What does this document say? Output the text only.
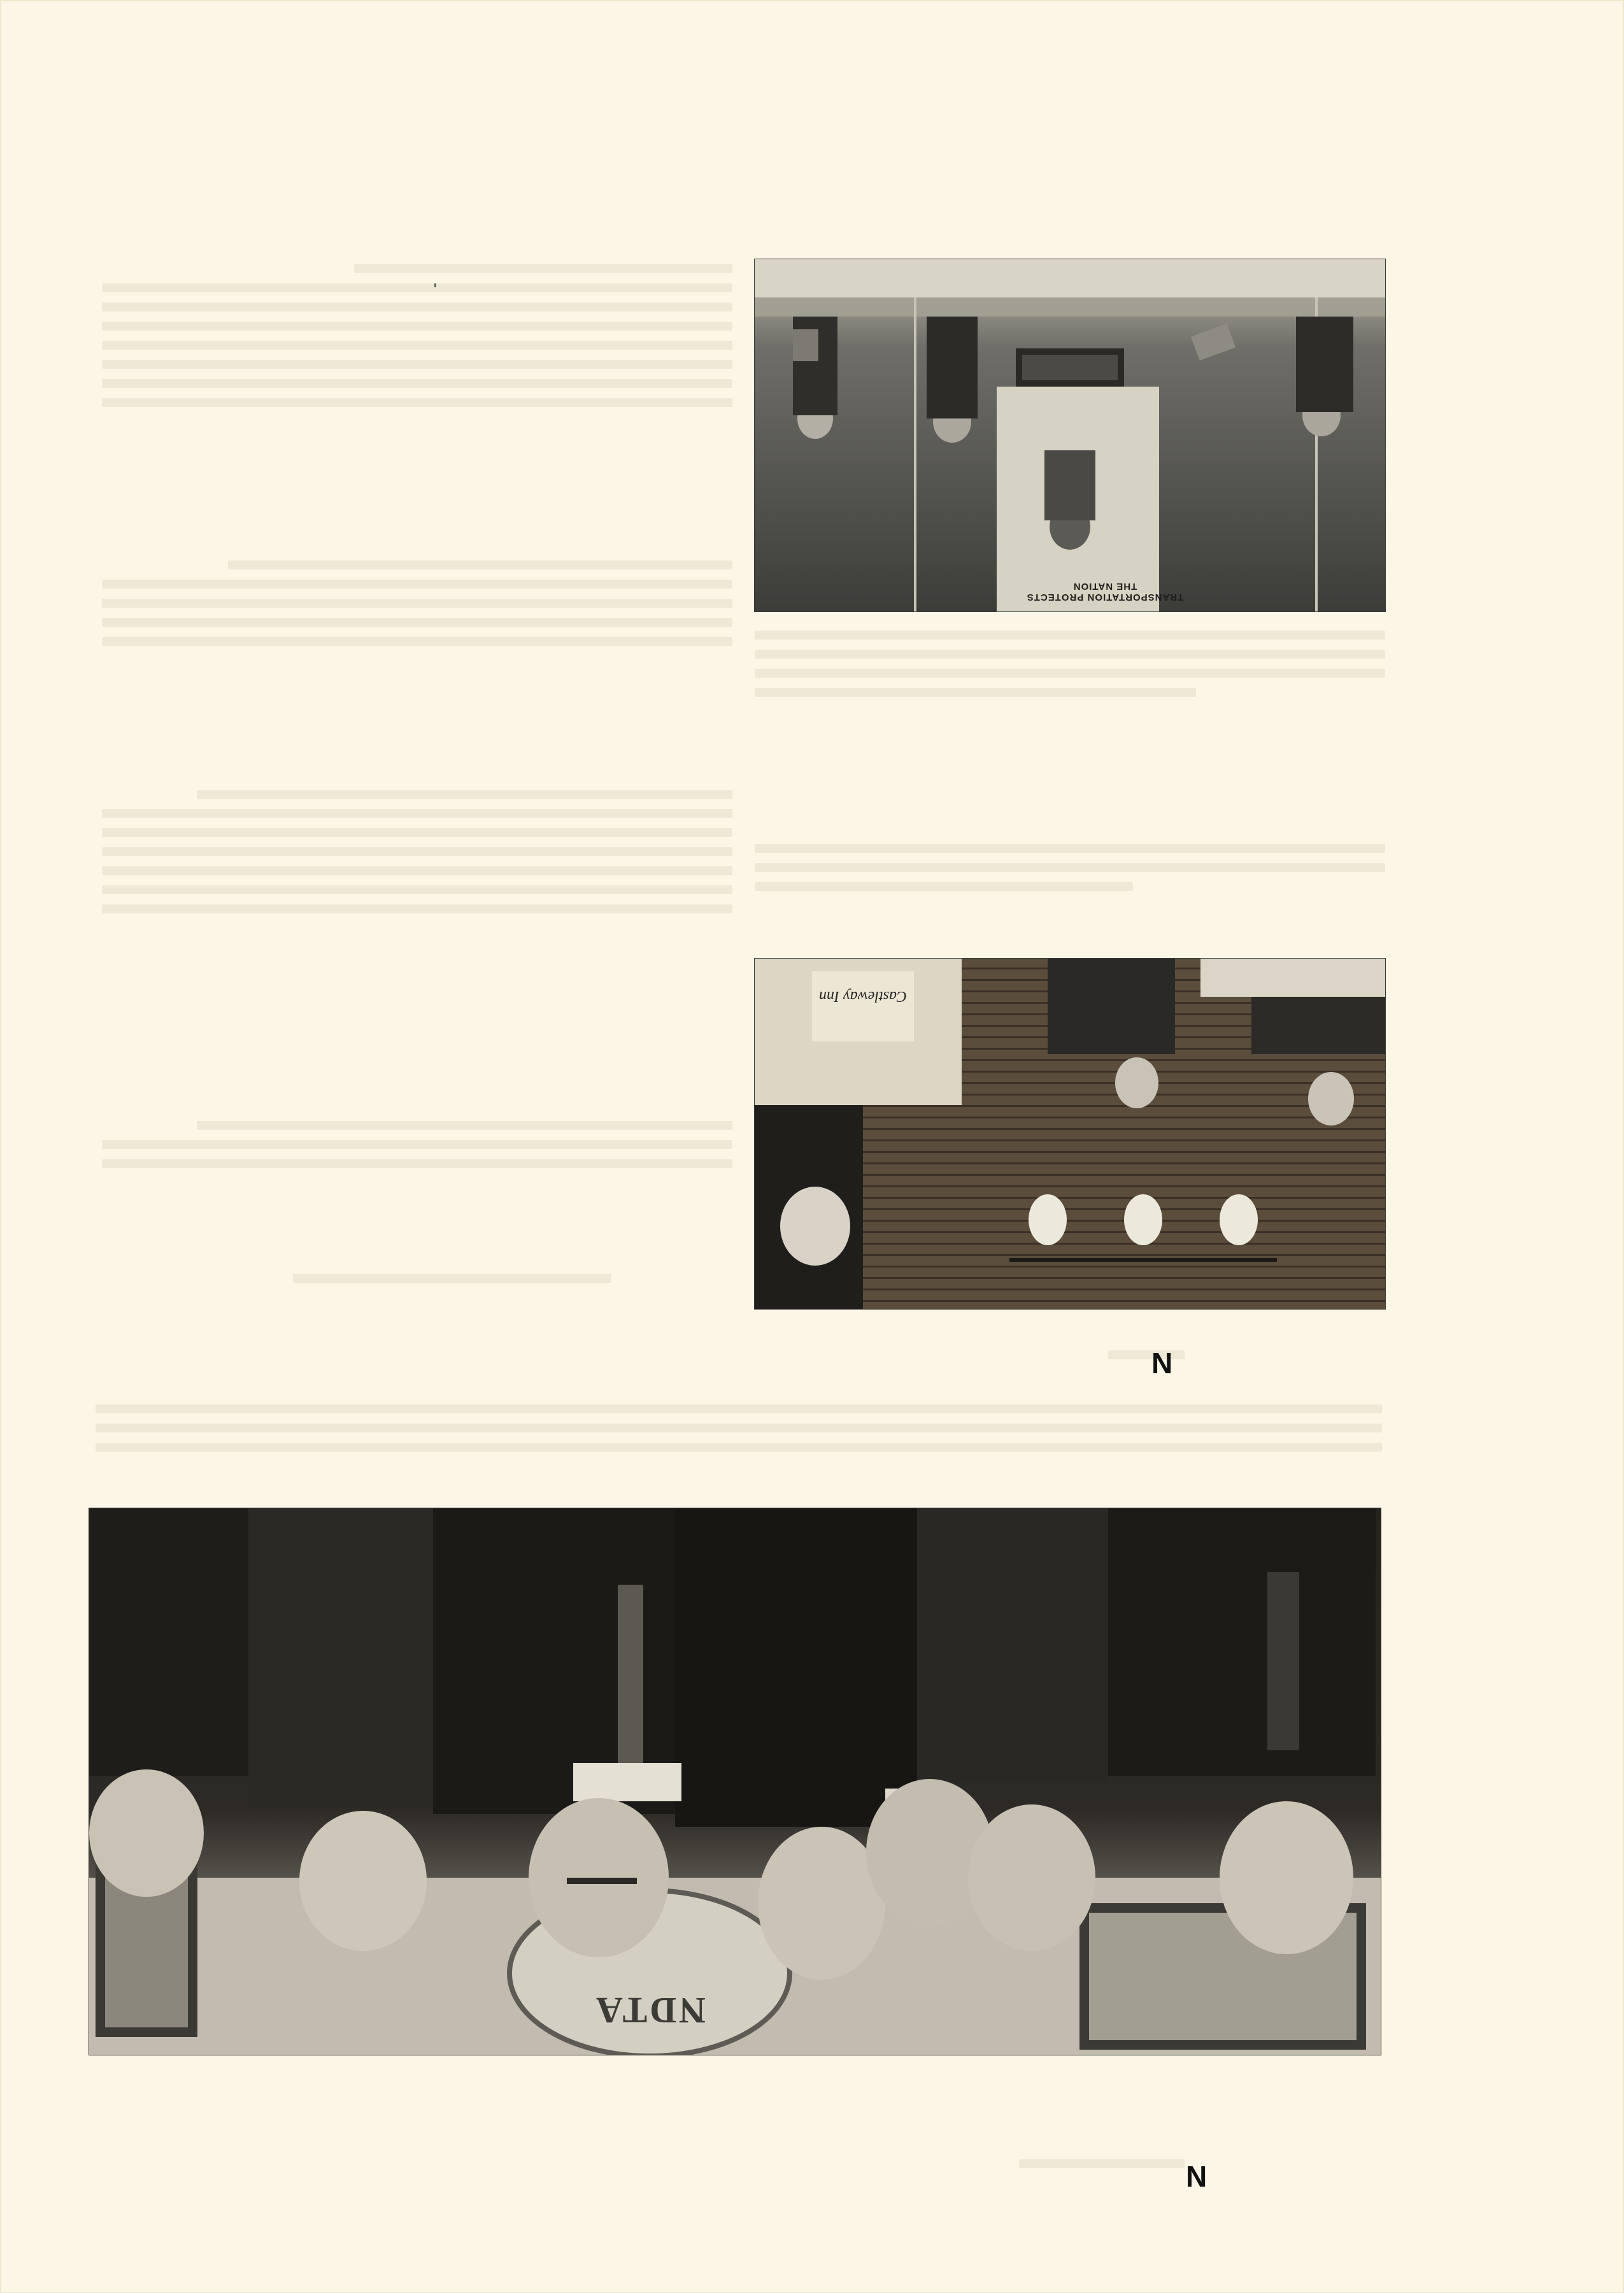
TRANSPORTATION PROTECTS THE NATION
Castleway Inn
N
NDTA
N
